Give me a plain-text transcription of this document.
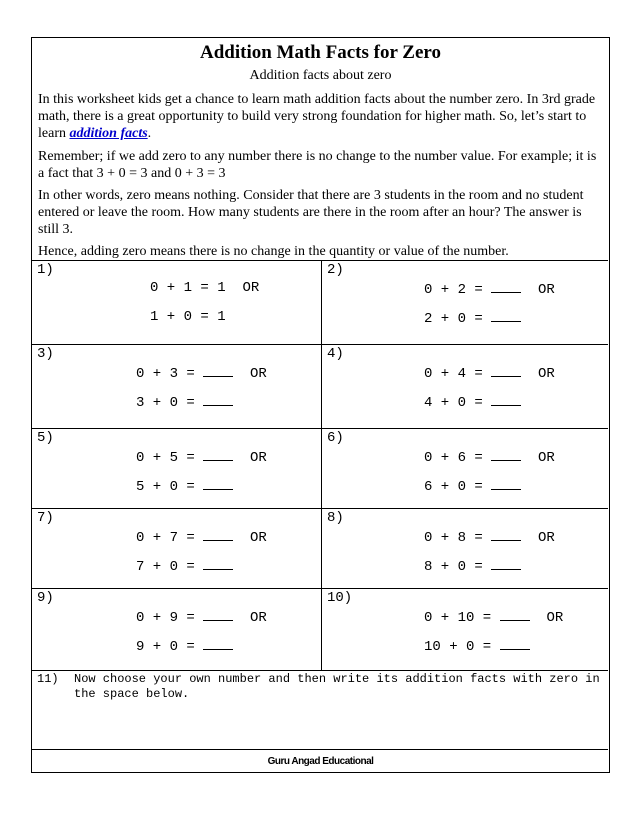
Addition Math Facts for Zero
Addition facts about zero
In this worksheet kids get a chance to learn math addition facts about the number zero. In 3rd grade math, there is a great opportunity to build very strong foundation for higher math. So, let’s start to learn addition facts.
Remember; if we add zero to any number there is no change to the number value. For example; it is a fact that 3 + 0 = 3 and 0 + 3 = 3
In other words, zero means nothing. Consider that there are 3 students in the room and no student entered or leave the room. How many students are there in the room after an hour? The answer is still 3.
Hence, adding zero means there is no change in the quantity or value of the number.
1)
0 + 1 = 1 OR
1 + 0 = 1
2)
0 + 2 =	OR
2 + 0 =
3)
0 + 3 =	OR
3 + 0 =
4)
0 + 4 =	OR
4 + 0 =
5)
0 + 5 =	OR
5 + 0 =
6)
0 + 6 =	OR
6 + 0 =
7)
0 + 7 =	OR
7 + 0 =
8)
0 + 8 =	OR
8 + 0 =
9)
0 + 9 =	OR
9 + 0 =
10)
0 + 10 =	OR
10 + 0 =
11) Now choose your own number and then write its addition facts with zero in the space below.
Guru Angad Educational
